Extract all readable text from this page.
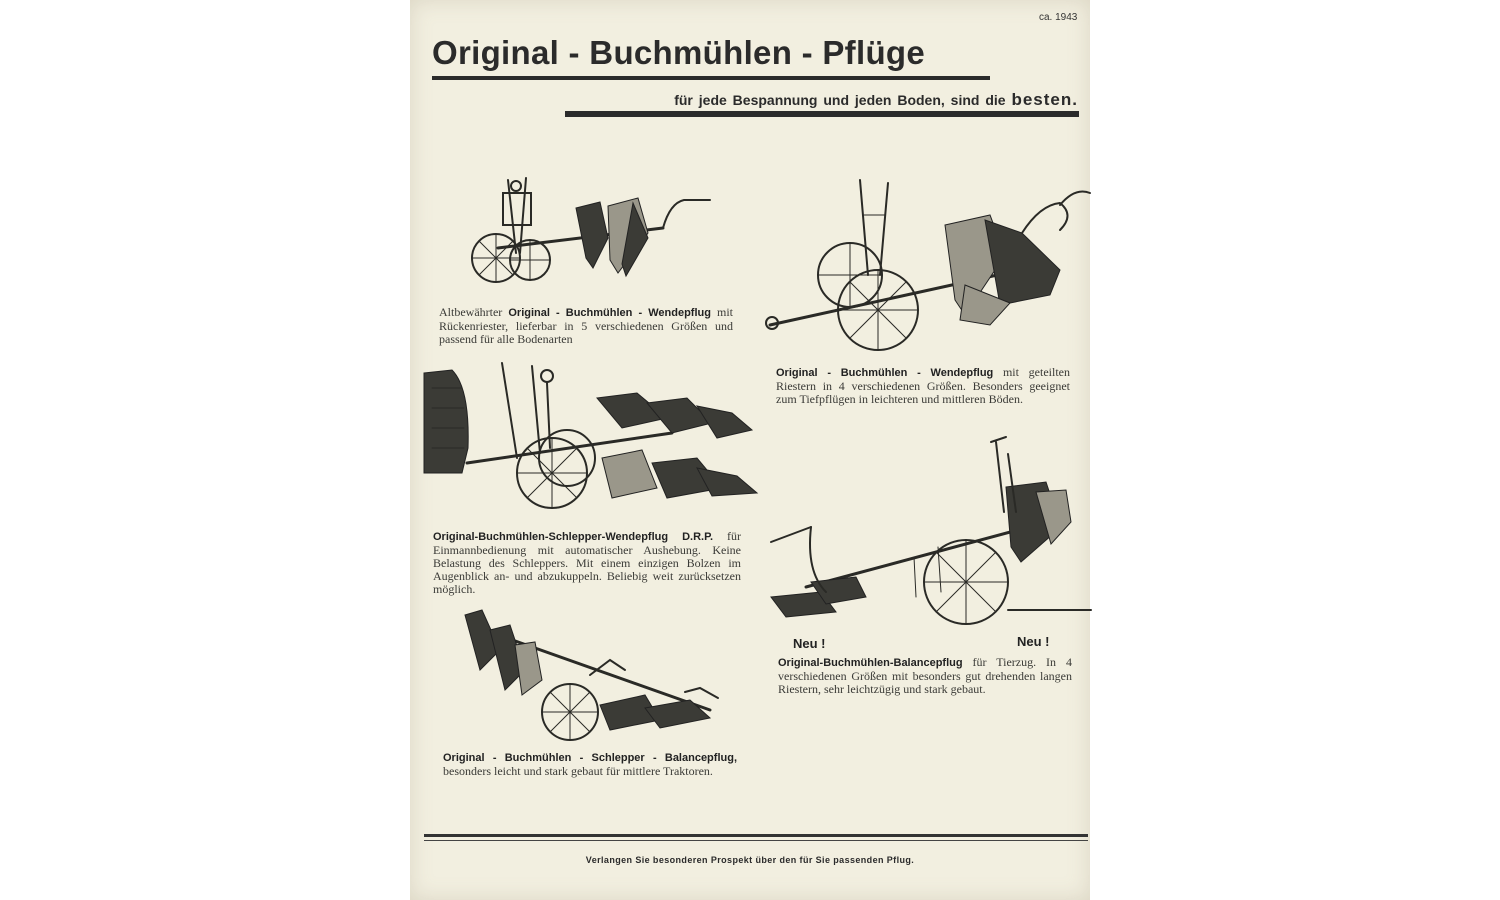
ca. 1943
Original - Buchmühlen - Pflüge
für jede Bespannung und jeden Boden, sind die besten.
Altbewährter Original - Buchmühlen - Wendepflug mit Rückenriester, lieferbar in 5 verschiedenen Größen und passend für alle Bodenarten
Original - Buchmühlen - Wendepflug mit geteilten Riestern in 4 verschiedenen Größen. Besonders geeignet zum Tiefpflügen in leichteren und mittleren Böden.
Original-Buchmühlen-Schlepper-Wendepflug D.R.P. für Einmannbedienung mit automatischer Aushebung. Keine Belastung des Schleppers. Mit einem einzigen Bolzen im Augenblick an- und abzukuppeln. Beliebig weit zurücksetzen möglich.
Neu !	Neu !
Original-Buchmühlen-Balancepflug für Tierzug. In 4 verschiedenen Größen mit besonders gut drehenden langen Riestern, sehr leichtzügig und stark gebaut.
Original - Buchmühlen - Schlepper - Balancepflug, besonders leicht und stark gebaut für mittlere Traktoren.
Verlangen Sie besonderen Prospekt über den für Sie passenden Pflug.
